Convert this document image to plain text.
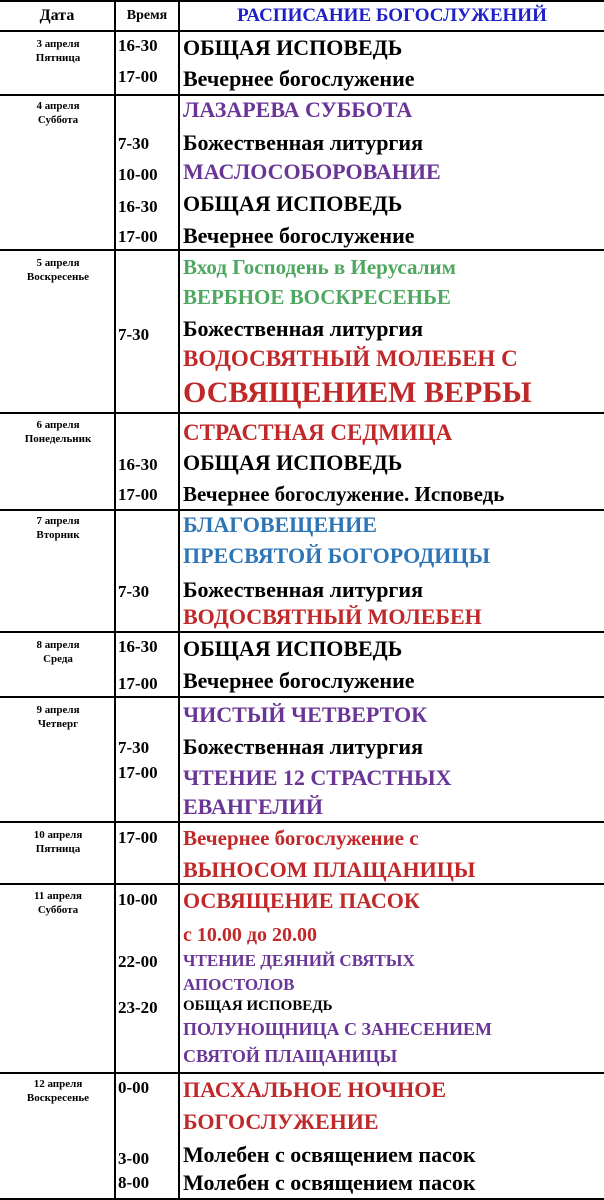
Дата	Время	РАСПИСАНИЕ БОГОСЛУЖЕНИЙ
3 апреля
Пятница
16-30
17-00
ОБЩАЯ ИСПОВЕДЬ
Вечернее богослужение
4 апреля
Суббота
7-30
10-00
16-30
17-00
ЛАЗАРЕВА СУББОТА
Божественная литургия
МАСЛОСОБОРОВАНИЕ
ОБЩАЯ ИСПОВЕДЬ
Вечернее богослужение
5 апреля
Воскресенье
7-30
Вход Господень в Иерусалим
ВЕРБНОЕ ВОСКРЕСЕНЬЕ
Божественная литургия
ВОДОСВЯТНЫЙ МОЛЕБЕН С
ОСВЯЩЕНИЕМ ВЕРБЫ
6 апреля
Понедельник
16-30
17-00
СТРАСТНАЯ СЕДМИЦА
ОБЩАЯ ИСПОВЕДЬ
Вечернее богослужение. Исповедь
7 апреля
Вторник
7-30
БЛАГОВЕЩЕНИЕ
ПРЕСВЯТОЙ БОГОРОДИЦЫ
Божественная литургия
ВОДОСВЯТНЫЙ МОЛЕБЕН
8 апреля
Среда
16-30
17-00
ОБЩАЯ ИСПОВЕДЬ
Вечернее богослужение
9 апреля
Четверг
7-30
17-00
ЧИСТЫЙ ЧЕТВЕРТОК
Божественная литургия
ЧТЕНИЕ 12 СТРАСТНЫХ
ЕВАНГЕЛИЙ
10 апреля
Пятница
17-00 Вечернее богослужение с
ВЫНОСОМ ПЛАЩАНИЦЫ
11 апреля
Суббота
10-00
22-00
23-20
ОСВЯЩЕНИЕ ПАСОК
с 10.00 до 20.00
ЧТЕНИЕ ДЕЯНИЙ СВЯТЫХ
АПОСТОЛОВ
ОБЩАЯ ИСПОВЕДЬ
ПОЛУНОЩНИЦА С ЗАНЕСЕНИЕМ
СВЯТОЙ ПЛАЩАНИЦЫ
12 апреля
Воскресенье
0-00
3-00
8-00
ПАСХАЛЬНОЕ НОЧНОЕ
БОГОСЛУЖЕНИЕ
Молебен с освящением пасок
Молебен с освящением пасок
